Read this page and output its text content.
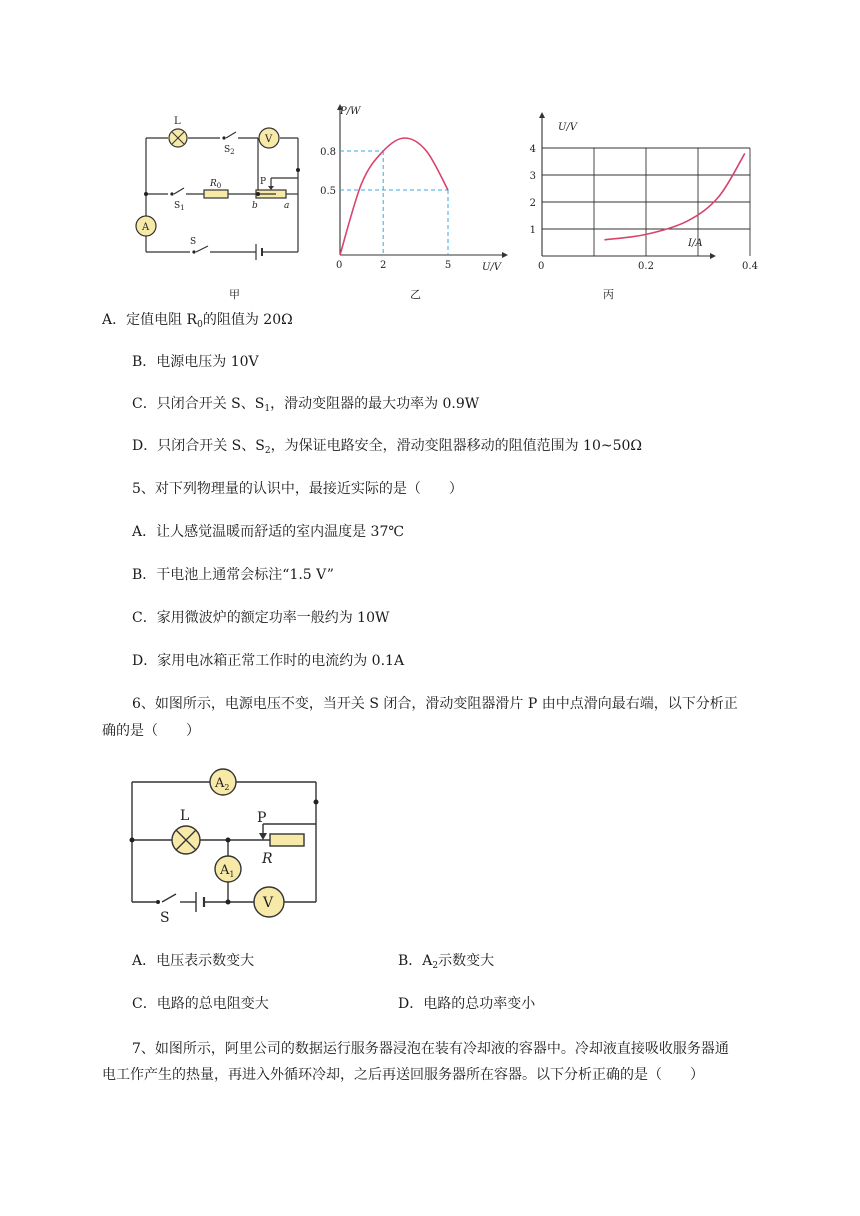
L
V
A
$S_2$
$R_0$	P
$S_1$	b	a
S
甲
P/W
U/V
0	2	5
0.8
0.5
乙
U/V
I/A
0	0.2	0.4
4
3
2
1
丙
A．定值电阻 $R_0$的阻值为 20Ω
B．电源电压为 10V
C．只闭合开关 S、$S_1$，滑动变阻器的最大功率为 0.9W
D．只闭合开关 S、$S_2$，为保证电路安全，滑动变阻器移动的阻值范围为 10~50Ω
5、对下列物理量的认识中，最接近实际的是（　　）
A．让人感觉温暖而舒适的室内温度是 37℃
B．干电池上通常会标注“1.5 V”
C．家用微波炉的额定功率一般约为 10W
D．家用电冰箱正常工作时的电流约为 0.1A
6、如图所示，电源电压不变，当开关 S 闭合，滑动变阻器滑片 P 由中点滑向最右端，以下分析正
确的是（　　）
$A_2$
L	P
R
$A_1$
V
S
A．电压表示数变大	B．$A_2$示数变大
C．电路的总电阻变大	D．电路的总功率变小
7、如图所示，阿里公司的数据运行服务器浸泡在装有冷却液的容器中。冷却液直接吸收服务器通
电工作产生的热量，再进入外循环冷却，之后再送回服务器所在容器。以下分析正确的是（　　）
